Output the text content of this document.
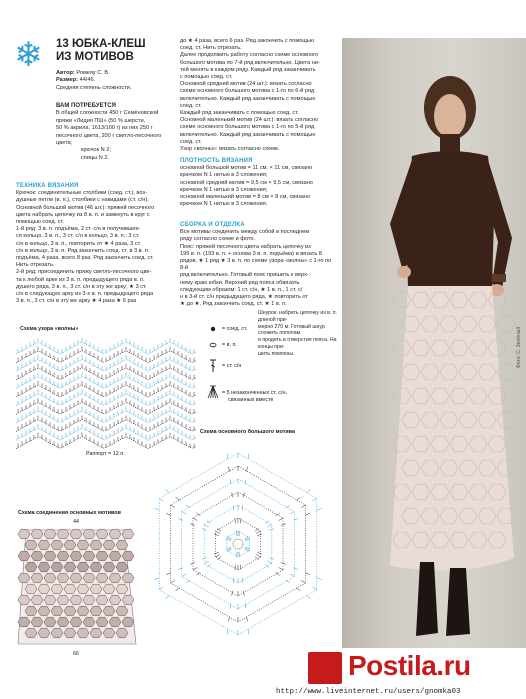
❄ 13 ЮБКА-КЛЕШ
ИЗ МОТИВОВ
Автор: Ромеяу С. В.
Размер: 44/46.
Средняя степень сложности.
ВАМ ПОТРЕБУЕТСЯ
В общей сложности 450 г Семёновской
пряжи «Лидия ПШ» (50 % шерсти,
50 % акрила; 1613/100 г) из них 250 г
песочного цвета, 200 г светло-песочного
цвета;
крючок N 2;
спицы N 2.
ТЕХНИКА ВЯЗАНИЯ
Крючок: соединительные столбики (соед. ст.), воз-
душные петли (в. п.), столбики с накидами (ст. с/н).
Основной большой мотив (46 шт.): пряжей песочного
цвета набрать цепочку из 8 в. п. и замкнуть в круг с
помощью соед. ст.
1-й ряд: 3 в. п. подъёма, 2 ст. с/н в получившее-
ся кольцо, 3 в. п., 3 ст. с/н в кольцо, 3 в. п.; 3 ст.
с/н в кольцо, 3 в. п., повторить от ★ 4 раза, 3 ст.
с/н в кольцо, 3 в. п. Ряд закончить соед. ст. в 3 в. п.
подъёма, 4 раза, всего 8 раз. Ряд закончить соед. ст.
Нить отрезать.
2-й ряд: присоединить пряжу светло-песочного цве-
та к любой арке из 3 в. п. предыдущего ряда в. п.
душего ряда, 3 в. п., 3 ст. с/н в эту же арку; ★ 3 ст.
с/н в следующую арку из 3-х в. п. предыдущего ряда
3 в. п., 3 ст. с/н в эту же арку ★ 4 раза ★ 6 раз
до ★ 4 раза, всего 6 раз. Ряд закончить с помощью
соед. ст. Нить отрезать.
Далее продолжить работу согласно схеме основного
большого мотива по 7-й ряд включительно. Цвета ни-
тей менять в каждом ряду. Каждый ряд заканчивать
с помощью соед. ст.
Основной средний мотив (24 шт.): вязать согласно
схеме основного большого мотива с 1-го по 6-й ряд
включительно. Каждый ряд заканчивать с помощью
соед. ст.
Каждый ряд заканчивать с помощью соед. ст.
Основной маленький мотив (24 шт.): вязать согласно
схеме основного большого мотива с 1-го по 5-й ряд
включительно. Каждый ряд заканчивать с помощью
соед. ст.
Узор «волны»: вязать согласно схеме.
ПЛОТНОСТЬ ВЯЗАНИЯ
основной большой мотив = 11 см. × 11 см, связано
крючком N 1 нитью в 3 сложения;
основной средний мотив = 9,5 см × 9,5 см, связано
крючком N 1 нитью в 3 сложения;
основной маленький мотив = 8 см × 8 см, связано
крючком N 1 нитью в 3 сложения.
СБОРКА И ОТДЕЛКА
Все мотивы соединить между собой в последнем
ряду согласно схеме и фото.
Пояс: пряжей песочного цвета набрать цепочку из
195 в. п. (193 в. п. + основа 3 в. п. подъёма) и вязать 8
рядов, ★ 1 ряд ★ 3 в. п. по схеме узора «волны» с 1-го по 8-й
ряд включительно. Готовый пояс пришить к верх-
нему краю юбки. Верхний ряд пояса обвязать
следующим образом: 1 ст. с/н, ★ 1 в. п., 1 ст. с/
н в 3-й ст. с/н предыдущего ряда, ★ повторить от
★ до ★. Ряд закончить соед. ст. ★ 1 в. п.
Шнурок: набрать цепочку из в. п. длиной при-
мерно 270 м. Готовый шнур сложить пополам
и продеть в отверстия пояса. На концы при-
шить помпоны.
= соед. ст.
= в. п.
= ст. с/н
= 5 незаконченных ст. с/н,
связанных вместе
Схема узора «волны»
Раппорт = 12 п.
Схема основного большого мотива
Схема соединения основных мотивов
44
66
Фото: С. Зелёный
Postila.ru
http://www.liveinternet.ru/users/gnomka03
